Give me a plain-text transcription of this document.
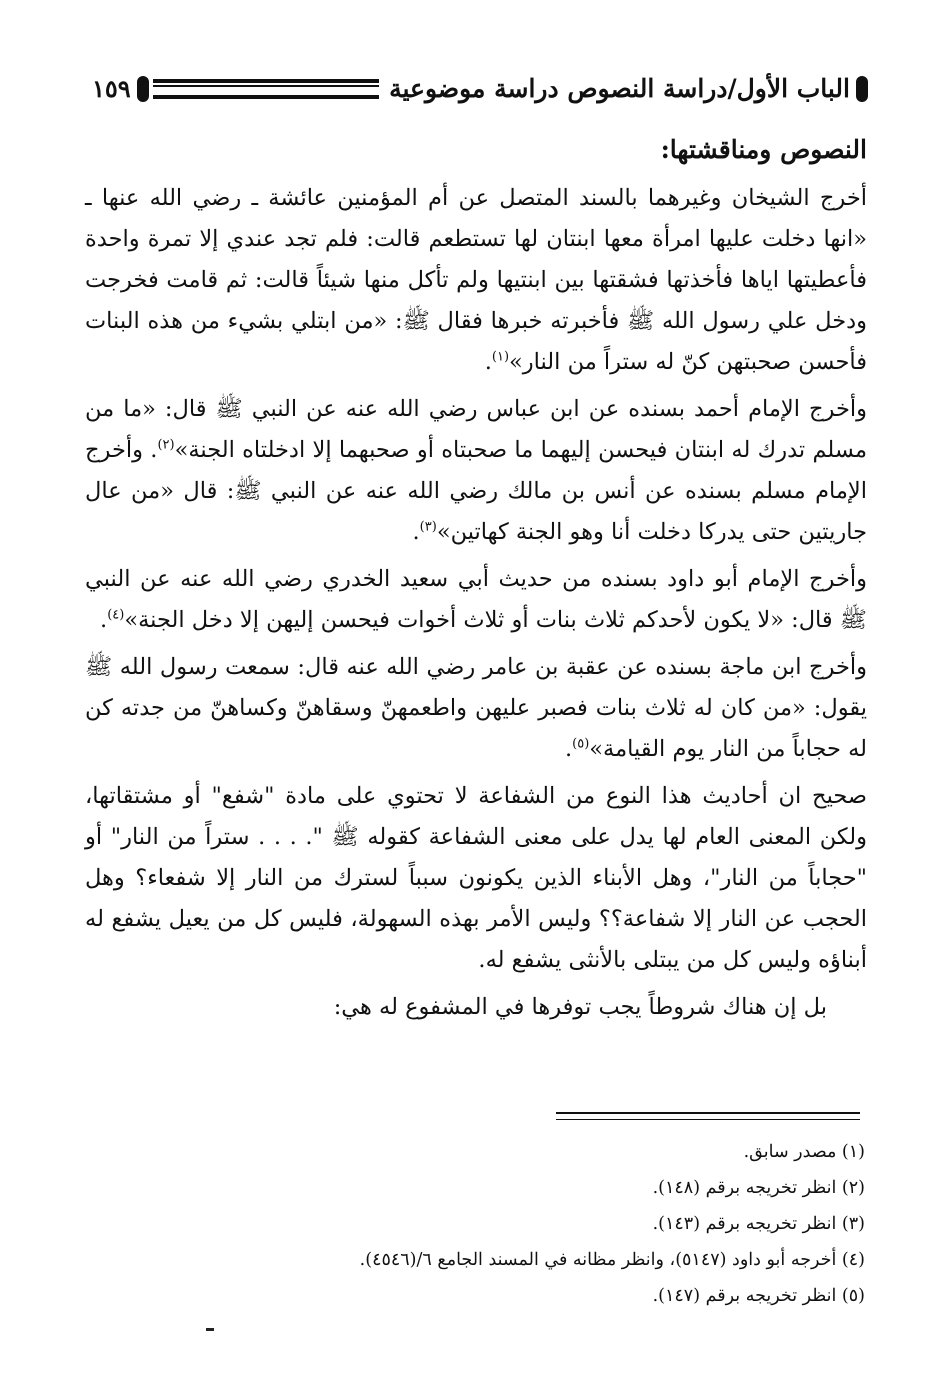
الباب الأول/دراسة النصوص دراسة موضوعية
١٥٩
النصوص ومناقشتها:

أخرج الشيخان وغيرهما بالسند المتصل عن أم المؤمنين عائشة ـ رضي الله عنها ـ «انها دخلت عليها امرأة معها ابنتان لها تستطعم قالت: فلم تجد عندي إلا تمرة واحدة فأعطيتها اياها فأخذتها فشقتها بين ابنتيها ولم تأكل منها شيئاً قالت: ثم قامت فخرجت ودخل علي رسول الله ﷺ فأخبرته خبرها فقال ﷺ: «من ابتلي بشيء من هذه البنات فأحسن صحبتهن كنّ له ستراً من النار»$^{(١)}$.

وأخرج الإمام أحمد بسنده عن ابن عباس رضي الله عنه عن النبي ﷺ قال: «ما من مسلم تدرك له ابنتان فيحسن إليهما ما صحبتاه أو صحبهما إلا ادخلتاه الجنة»$^{(٢)}$. وأخرج الإمام مسلم بسنده عن أنس بن مالك رضي الله عنه عن النبي ﷺ: قال «من عال جاريتين حتى يدركا دخلت أنا وهو الجنة كهاتين»$^{(٣)}$.

وأخرج الإمام أبو داود بسنده من حديث أبي سعيد الخدري رضي الله عنه عن النبي ﷺ قال: «لا يكون لأحدكم ثلاث بنات أو ثلاث أخوات فيحسن إليهن إلا دخل الجنة»$^{(٤)}$.

وأخرج ابن ماجة بسنده عن عقبة بن عامر رضي الله عنه قال: سمعت رسول الله ﷺ يقول: «من كان له ثلاث بنات فصبر عليهن واطعمهنّ وسقاهنّ وكساهنّ من جدته كن له حجاباً من النار يوم القيامة»$^{(٥)}$.

صحيح ان أحاديث هذا النوع من الشفاعة لا تحتوي على مادة "شفع" أو مشتقاتها، ولكن المعنى العام لها يدل على معنى الشفاعة كقوله ﷺ ". . . . ستراً من النار" أو "حجاباً من النار"، وهل الأبناء الذين يكونون سبباً لسترك من النار إلا شفعاء؟ وهل الحجب عن النار إلا شفاعة؟؟ وليس الأمر بهذه السهولة، فليس كل من يعيل يشفع له أبناؤه وليس كل من يبتلى بالأنثى يشفع له.

بل إن هناك شروطاً يجب توفرها في المشفوع له هي:

(١) مصدر سابق.
(٢) انظر تخريجه برقم (١٤٨).
(٣) انظر تخريجه برقم (١٤٣).
(٤) أخرجه أبو داود (٥١٤٧)، وانظر مظانه في المسند الجامع ٦/(٤٥٤٦).
(٥) انظر تخريجه برقم (١٤٧).
